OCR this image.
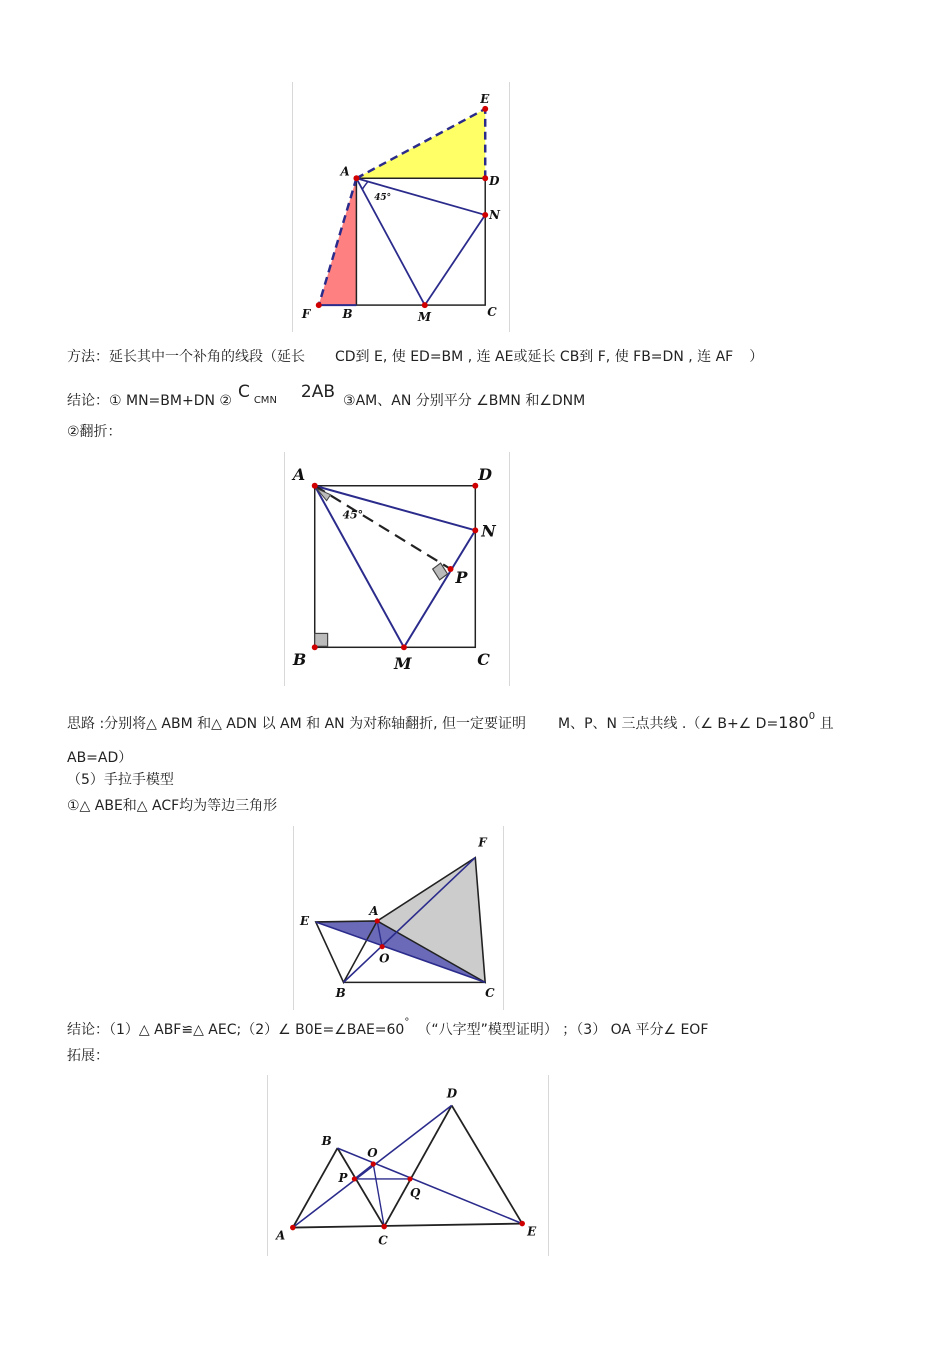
E
A
D
N
F	B	M	C
45°
方法：延长其中一个补角的线段（延长 CD到 E, 使 ED=BM , 连 AE或延长 CB到 F, 使 FB=DN , 连 AF ）
结论：① MN=BM+DN ② C CMN 2AB ③AM、AN 分别平分 ∠BMN 和∠DNM
②翻折：
A	D
N
P
B	M	C
45°
思路 :分别将△ ABM 和△ ADN 以 AM 和 AN 为对称轴翻折, 但一定要证明 M、P、N 三点共线 .（∠ B+∠ $D=180^0$ 且
AB=AD）
（5）手拉手模型
①△ ABE和△ ACF均为等边三角形
F
E
A
O
B	C
结论：（1）△ ABF≌△ AEC;（2）∠ B0E=∠BAE=60° （“八字型”模型证明） ；（3） OA 平分∠ EOF
拓展：
D
B
O
P
Q
A	C
E
